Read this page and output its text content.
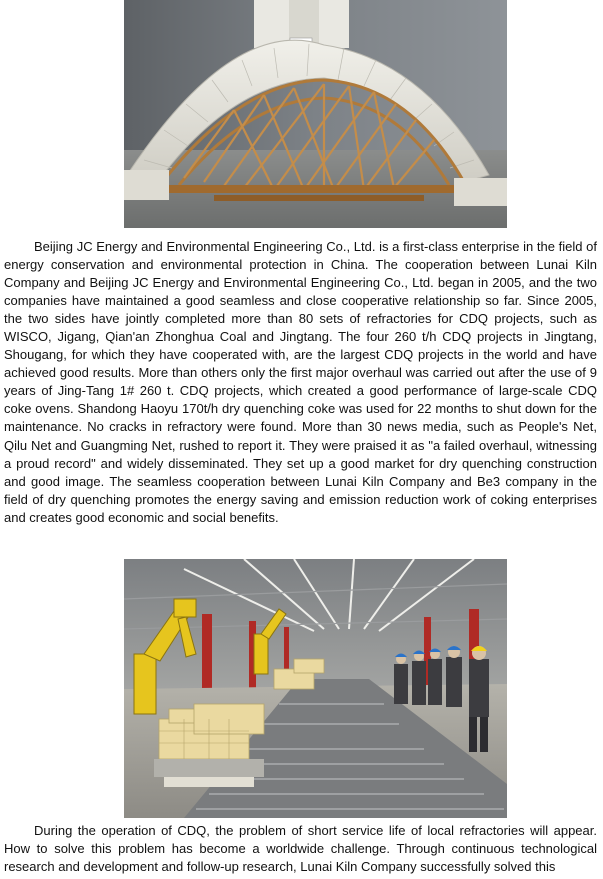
Beijing JC Energy and Environmental Engineering Co., Ltd. is a first-class enterprise in the field of energy conservation and environmental protection in China. The cooperation between Lunai Kiln Company and Beijing JC Energy and Environmental Engineering Co., Ltd. began in 2005, and the two companies have maintained a good seamless and close cooperative relationship so far. Since 2005, the two sides have jointly completed more than 80 sets of refractories for CDQ projects, such as WISCO, Jigang, Qian'an Zhonghua Coal and Jingtang. The four 260 t/h CDQ projects in Jingtang, Shougang, for which they have cooperated with, are the largest CDQ projects in the world and have achieved good results. More than others only the first major overhaul was carried out after the use of 9 years of Jing-Tang 1# 260 t. CDQ projects, which created a good performance of large-scale CDQ coke ovens. Shandong Haoyu 170t/h dry quenching coke was used for 22 months to shut down for the maintenance. No cracks in refractory were found. More than 30 news media, such as People's Net, Qilu Net and Guangming Net, rushed to report it. They were praised it as "a failed overhaul, witnessing a proud record" and widely disseminated. They set up a good market for dry quenching construction and good image. The seamless cooperation between Lunai Kiln Company and Be3 company in the field of dry quenching promotes the energy saving and emission reduction work of coking enterprises and creates good economic and social benefits.

During the operation of CDQ, the problem of short service life of local refractories will appear. How to solve this problem has become a worldwide challenge. Through continuous technological research and development and follow-up research, Lunai Kiln Company successfully solved this
